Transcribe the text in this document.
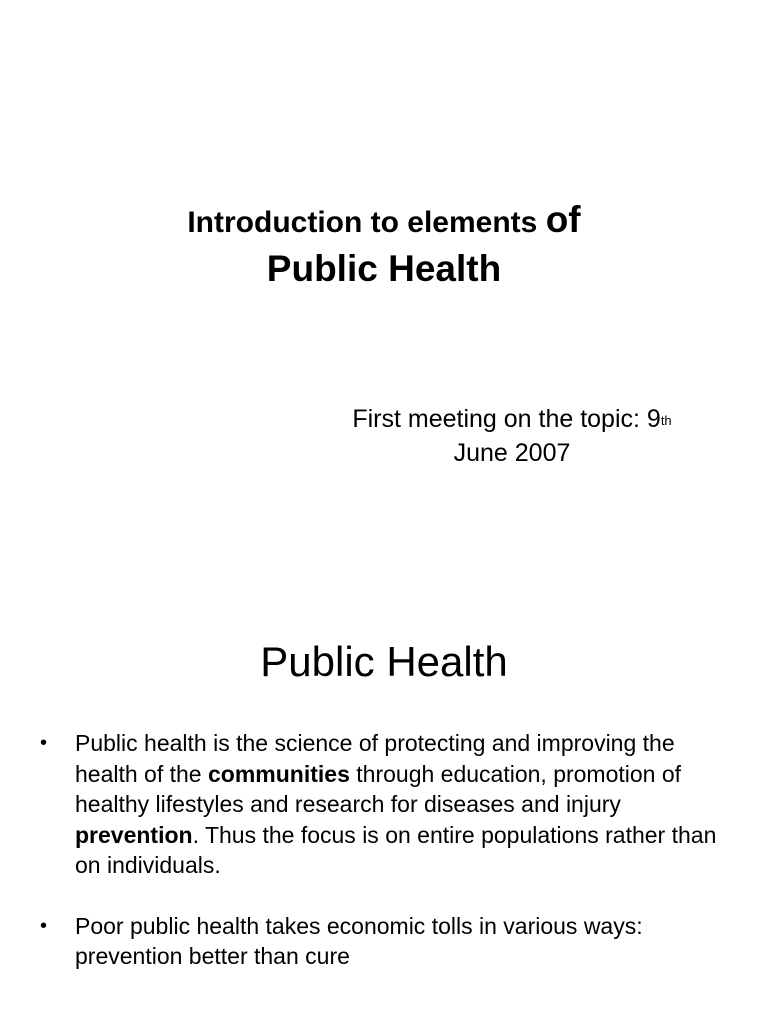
Introduction to elements of
Public Health
First meeting on the topic: 9th
June 2007
Public Health
• Public health is the science of protecting and improving the health of the communities through education, promotion of healthy lifestyles and research for diseases and injury prevention. Thus the focus is on entire populations rather than on individuals.
• Poor public health takes economic tolls in various ways: prevention better than cure
